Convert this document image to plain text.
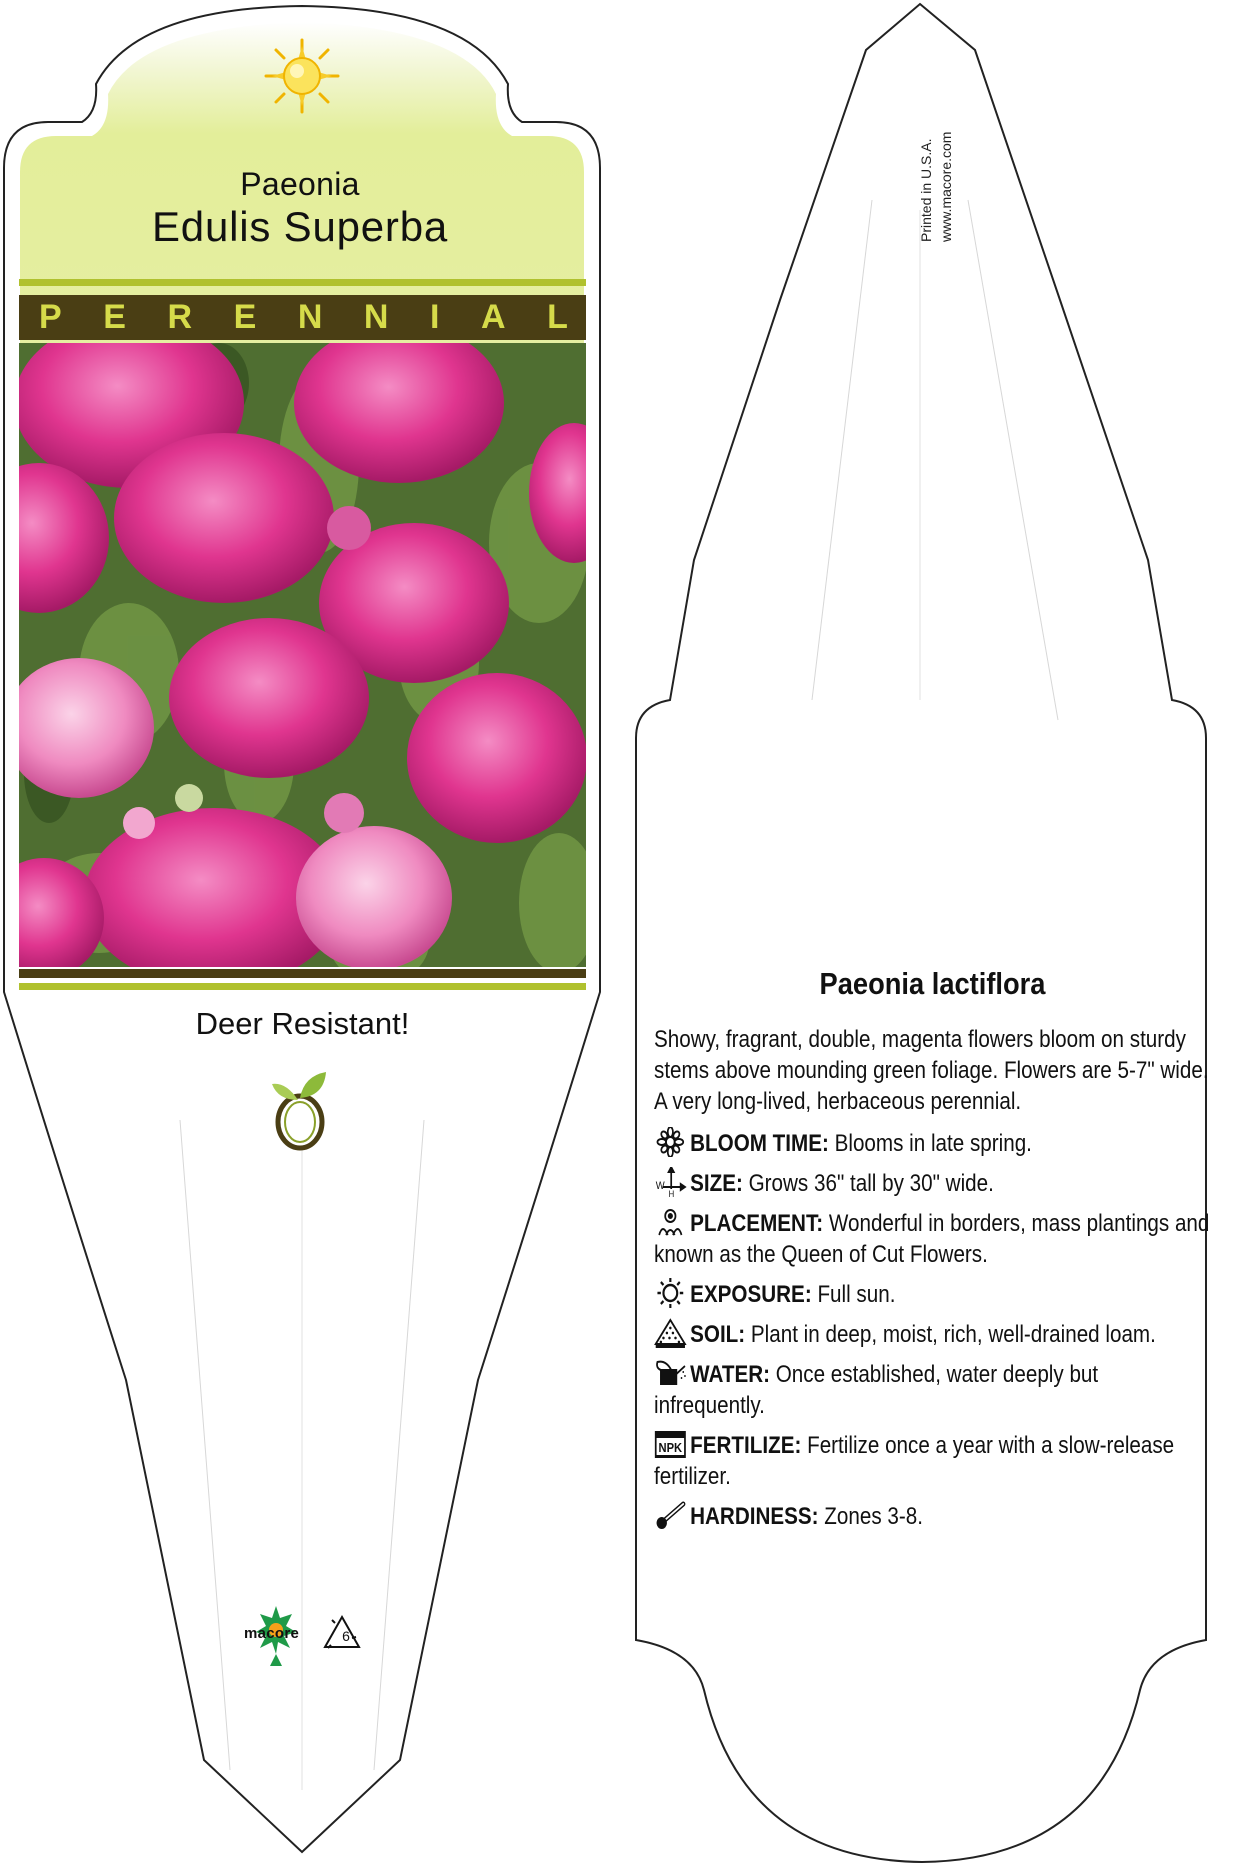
Paeonia
Edulis Superba
P E R E N N I A L
Deer Resistant!
macore	6
Printed in U.S.A. www.macore.com
Paeonia lactiflora
Showy, fragrant, double, magenta flowers bloom on sturdy stems above mounding green foliage. Flowers are 5-7" wide. A very long-lived, herbaceous perennial.
BLOOM TIME: Blooms in late spring.
W
H SIZE: Grows 36" tall by 30" wide.
PLACEMENT: Wonderful in borders, mass plantings and known as the Queen of Cut Flowers.
EXPOSURE: Full sun.
SOIL: Plant in deep, moist, rich, well-drained loam.
WATER: Once established, water deeply but infrequently.
NPK FERTILIZE: Fertilize once a year with a slow-release fertilizer.
HARDINESS: Zones 3-8.
